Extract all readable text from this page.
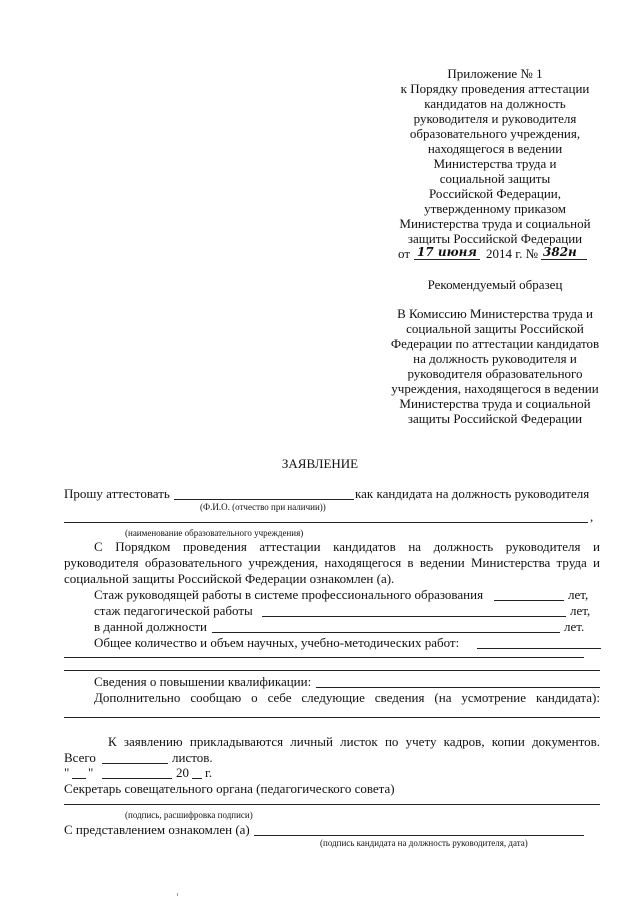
Приложение № 1
к Порядку проведения аттестации
кандидатов на должность
руководителя и руководителя
образовательного учреждения,
находящегося в ведении
Министерства труда и
социальной защиты
Российской Федерации,
утвержденному приказом
Министерства труда и социальной
защиты Российской Федерации
от 17 июня 2014 г. № 382н
Рекомендуемый образец
В Комиссию Министерства труда и
социальной защиты Российской
Федерации по аттестации кандидатов
на должность руководителя и
руководителя образовательного
учреждения, находящегося в ведении
Министерства труда и социальной
защиты Российской Федерации
ЗАЯВЛЕНИЕ
Прошу аттестовать	как кандидата на должность руководителя
(Ф.И.О. (отчество при наличии))
,
(наименование образовательного учреждения)
С Порядком проведения аттестации кандидатов на должность руководителя и
руководителя образовательного учреждения, находящегося в ведении Министерства труда и
социальной защиты Российской Федерации ознакомлен (а).
Стаж руководящей работы в системе профессионального образования	лет,
стаж педагогической работы	лет,
в данной должности	лет.
Общее количество и объем научных, учебно-методических работ:
Сведения о повышении квалификации:
Дополнительно сообщаю о себе следующие сведения (на усмотрение кандидата):
К заявлению прикладываются личный листок по учету кадров, копии документов.
Всего	листов.
" "	20 г.
Секретарь совещательного органа (педагогического совета)
(подпись, расшифровка подписи)
С представлением ознакомлен (а)
(подпись кандидата на должность руководителя, дата)
